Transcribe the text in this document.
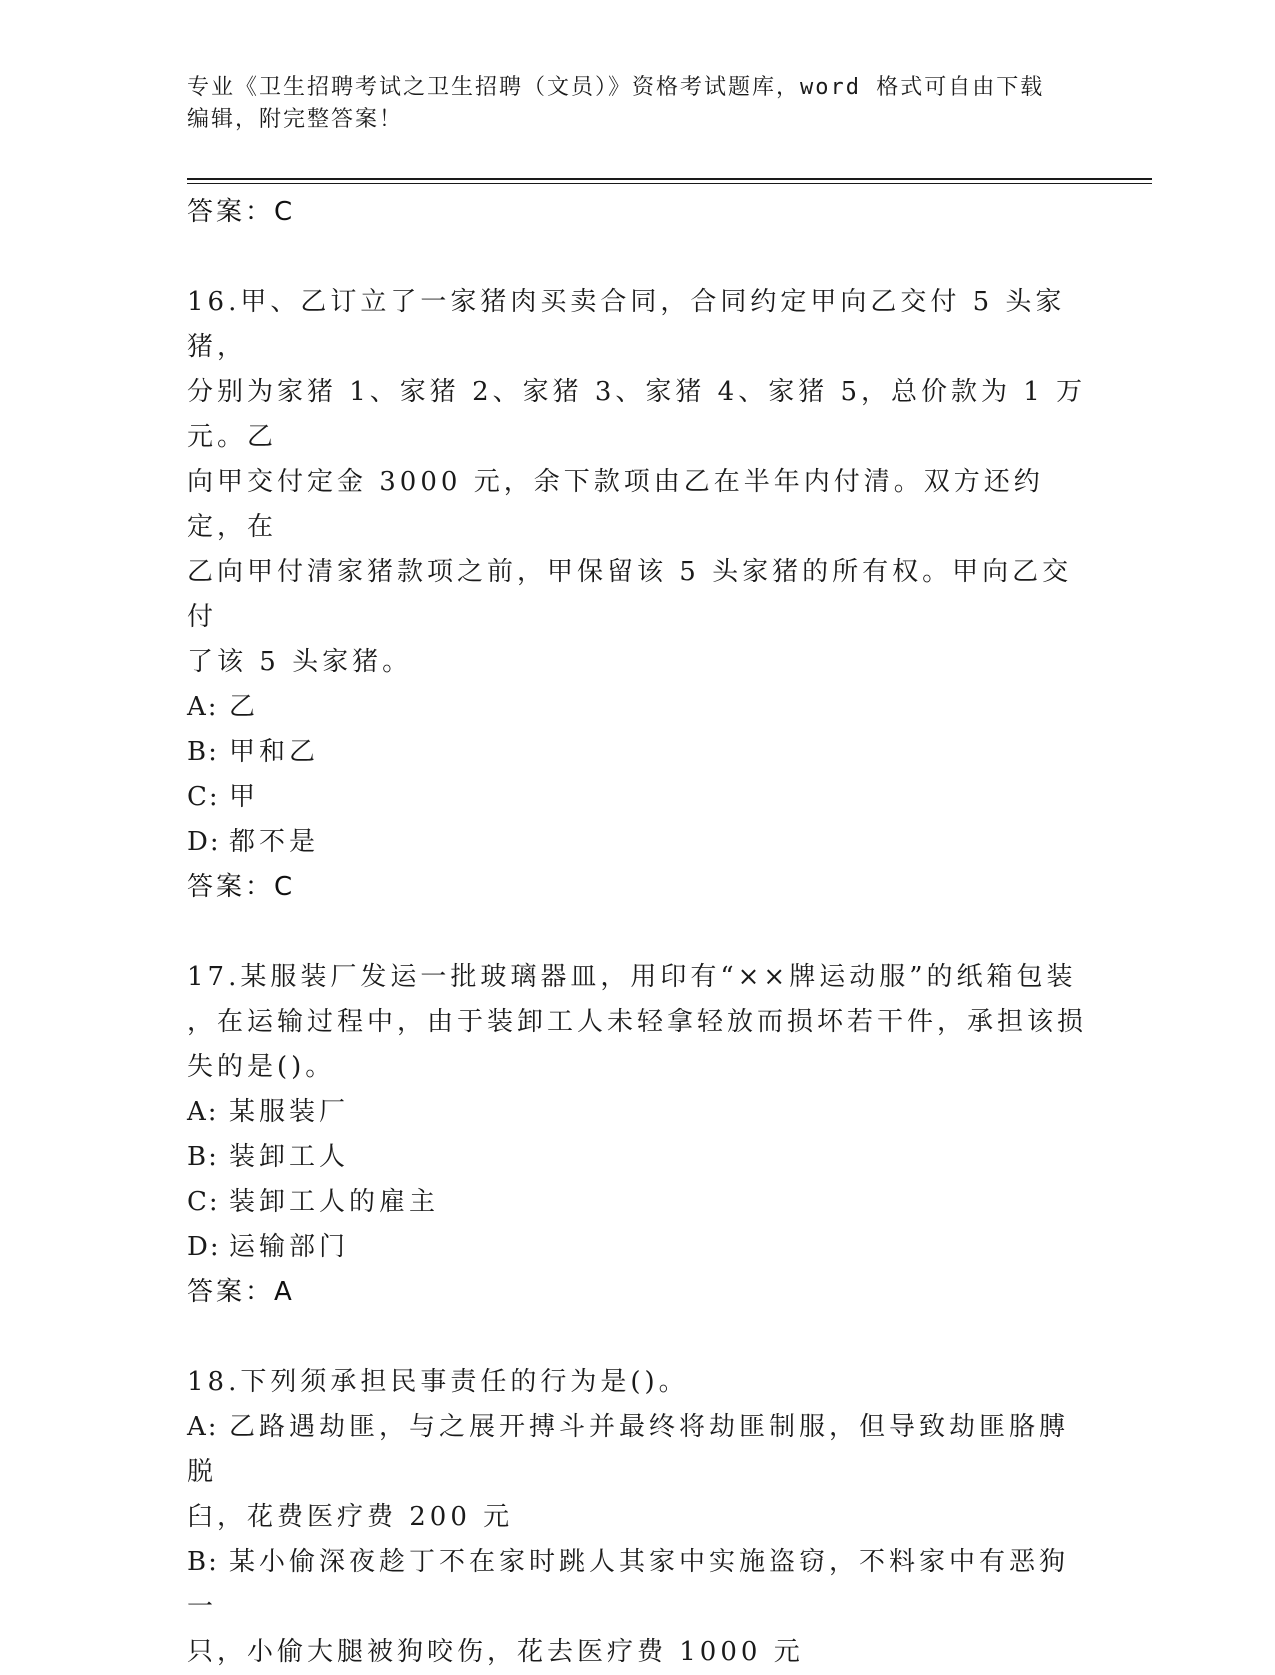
专业《卫生招聘考试之卫生招聘（文员）》资格考试题库，word 格式可自由下载
编辑，附完整答案！

答案：C

16.甲、乙订立了一家猪肉买卖合同，合同约定甲向乙交付 5 头家猪，

分别为家猪 1、家猪 2、家猪 3、家猪 4、家猪 5，总价款为 1 万元。乙

向甲交付定金 3000 元，余下款项由乙在半年内付清。双方还约定，在

乙向甲付清家猪款项之前，甲保留该 5 头家猪的所有权。甲向乙交付

了该 5 头家猪。

A: 乙

B: 甲和乙

C: 甲

D: 都不是

答案：C

17.某服装厂发运一批玻璃器皿，用印有“××牌运动服”的纸箱包装

，在运输过程中，由于装卸工人未轻拿轻放而损坏若干件，承担该损

失的是()。

A: 某服装厂

B: 装卸工人

C: 装卸工人的雇主

D: 运输部门

答案：A

18.下列须承担民事责任的行为是()。

A: 乙路遇劫匪，与之展开搏斗并最终将劫匪制服，但导致劫匪胳膊脱

臼，花费医疗费 200 元

B: 某小偷深夜趁丁不在家时跳人其家中实施盗窃，不料家中有恶狗一

只，小偷大腿被狗咬伤，花去医疗费 1000 元
